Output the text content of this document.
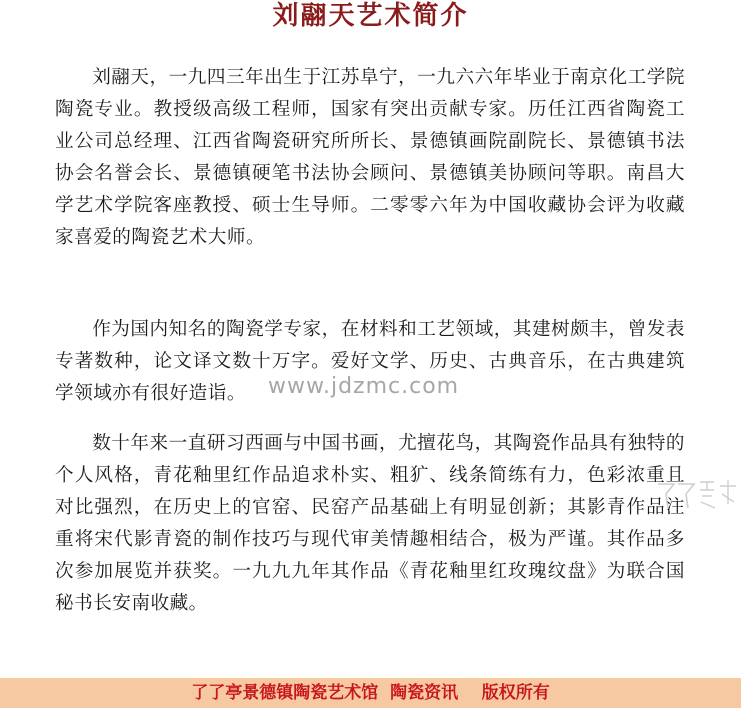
刘翮天艺术简介

刘翮天，一九四三年出生于江苏阜宁，一九六六年毕业于南京化工学院陶瓷专业。教授级高级工程师，国家有突出贡献专家。历任江西省陶瓷工业公司总经理、江西省陶瓷研究所所长、景德镇画院副院长、景德镇书法协会名誉会长、景德镇硬笔书法协会顾问、景德镇美协顾问等职。南昌大学艺术学院客座教授、硕士生导师。二零零六年为中国收藏协会评为收藏家喜爱的陶瓷艺术大师。

作为国内知名的陶瓷学专家，在材料和工艺领域，其建树颇丰，曾发表专著数种，论文译文数十万字。爱好文学、历史、古典音乐，在古典建筑学领域亦有很好造诣。

数十年来一直研习西画与中国书画，尤擅花鸟，其陶瓷作品具有独特的个人风格，青花釉里红作品追求朴实、粗犷、线条简练有力，色彩浓重且对比强烈，在历史上的官窑、民窑产品基础上有明显创新；其影青作品注重将宋代影青瓷的制作技巧与现代审美情趣相结合，极为严谨。其作品多次参加展览并获奖。一九九九年其作品《青花釉里红玫瑰纹盘》为联合国秘书长安南收藏。

www.jdzmc.com
了了亭景德镇陶瓷艺术馆  陶瓷资讯    版权所有
